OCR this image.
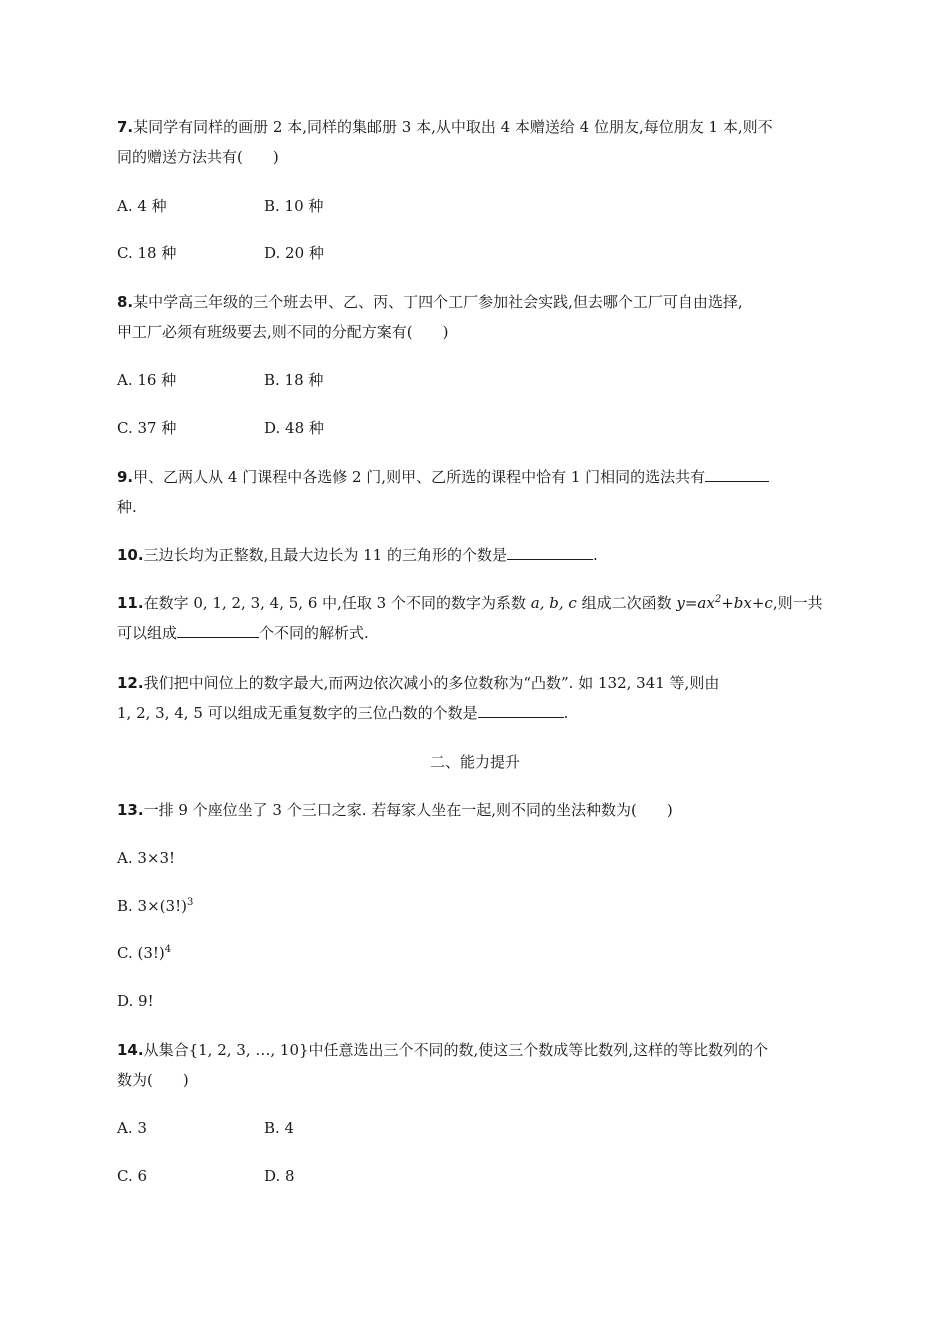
7.某同学有同样的画册 2 本,同样的集邮册 3 本,从中取出 4 本赠送给 4 位朋友,每位朋友 1 本,则不
同的赠送方法共有(　　)
A. 4 种	B. 10 种
C. 18 种	D. 20 种
8.某中学高三年级的三个班去甲、乙、丙、丁四个工厂参加社会实践,但去哪个工厂可自由选择,
甲工厂必须有班级要去,则不同的分配方案有(　　)
A. 16 种	B. 18 种
C. 37 种	D. 48 种
9.甲、乙两人从 4 门课程中各选修 2 门,则甲、乙所选的课程中恰有 1 门相同的选法共有
种.
10.三边长均为正整数,且最大边长为 11 的三角形的个数是	.
11.在数字 0, 1, 2, 3, 4, 5, 6 中,任取 3 个不同的数字为系数 a, b, c 组成二次函数 $y=ax^2+bx+c$,则一共
可以组成	个不同的解析式.
12.我们把中间位上的数字最大,而两边依次减小的多位数称为“凸数”. 如 132, 341 等,则由
1, 2, 3, 4, 5 可以组成无重复数字的三位凸数的个数是	.
二、能力提升
13.一排 9 个座位坐了 3 个三口之家. 若每家人坐在一起,则不同的坐法种数为(　　)
A. 3×3!
B. $3\times(3!)^3$
C. $(3!)^4$
D. 9!
14.从集合{1, 2, 3, …, 10}中任意选出三个不同的数,使这三个数成等比数列,这样的等比数列的个
数为(　　)
A. 3	B. 4
C. 6	D. 8
